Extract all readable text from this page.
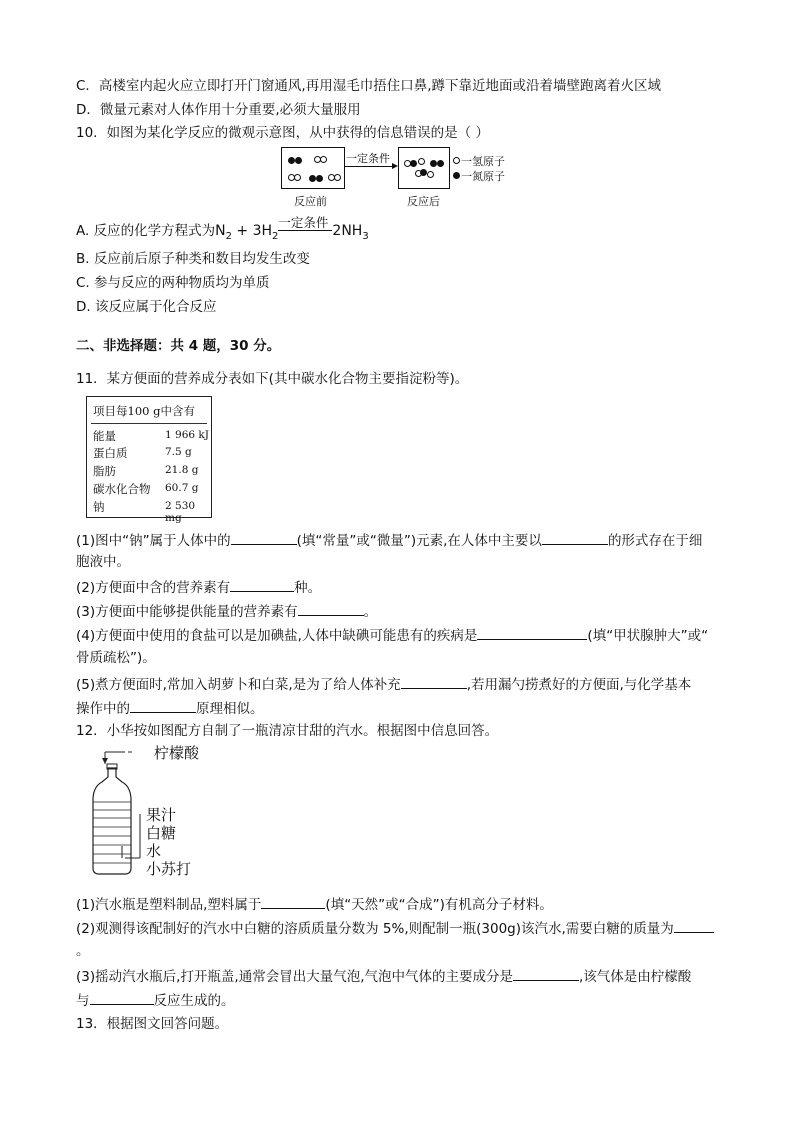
C．高楼室内起火应立即打开门窗通风,再用湿毛巾捂住口鼻,蹲下靠近地面或沿着墙壁跑离着火区域
D．微量元素对人体作用十分重要,必须大量服用
10．如图为某化学反应的微观示意图，从中获得的信息错误的是（ ）
一定条件
反应前	反应后
一氢原子
一氮原子
A. 反应的化学方程式为$N_2 + 3H_2$
一定条件
$2NH_3$
B. 反应前后原子种类和数目均发生改变
C. 参与反应的两种物质均为单质
D. 该反应属于化合反应
二、非选择题：共 4 题，30 分。
11．某方便面的营养成分表如下(其中碳水化合物主要指淀粉等)。
项目每100 g中含有
能量	1 966 kJ
蛋白质	7.5 g
脂肪	21.8 g
碳水化合物 60.7 g
钠	2 530 mg
(1)图中“钠”属于人体中的	(填“常量”或“微量”)元素,在人体中主要以	的形式存在于细
胞液中。
(2)方便面中含的营养素有	种。
(3)方便面中能够提供能量的营养素有	。
(4)方便面中使用的食盐可以是加碘盐,人体中缺碘可能患有的疾病是	(填“甲状腺肿大”或“
骨质疏松”)。
(5)煮方便面时,常加入胡萝卜和白菜,是为了给人体补充	,若用漏勺捞煮好的方便面,与化学基本
操作中的	原理相似。
12．小华按如图配方自制了一瓶清凉甘甜的汽水。根据图中信息回答。
柠檬酸
果汁
白糖
水
小苏打
(1)汽水瓶是塑料制品,塑料属于	(填“天然”或“合成”)有机高分子材料。
(2)观测得该配制好的汽水中白糖的溶质质量分数为 5%,则配制一瓶(300g)该汽水,需要白糖的质量为
。
(3)摇动汽水瓶后,打开瓶盖,通常会冒出大量气泡,气泡中气体的主要成分是	,该气体是由柠檬酸
与	反应生成的。
13．根据图文回答问题。
